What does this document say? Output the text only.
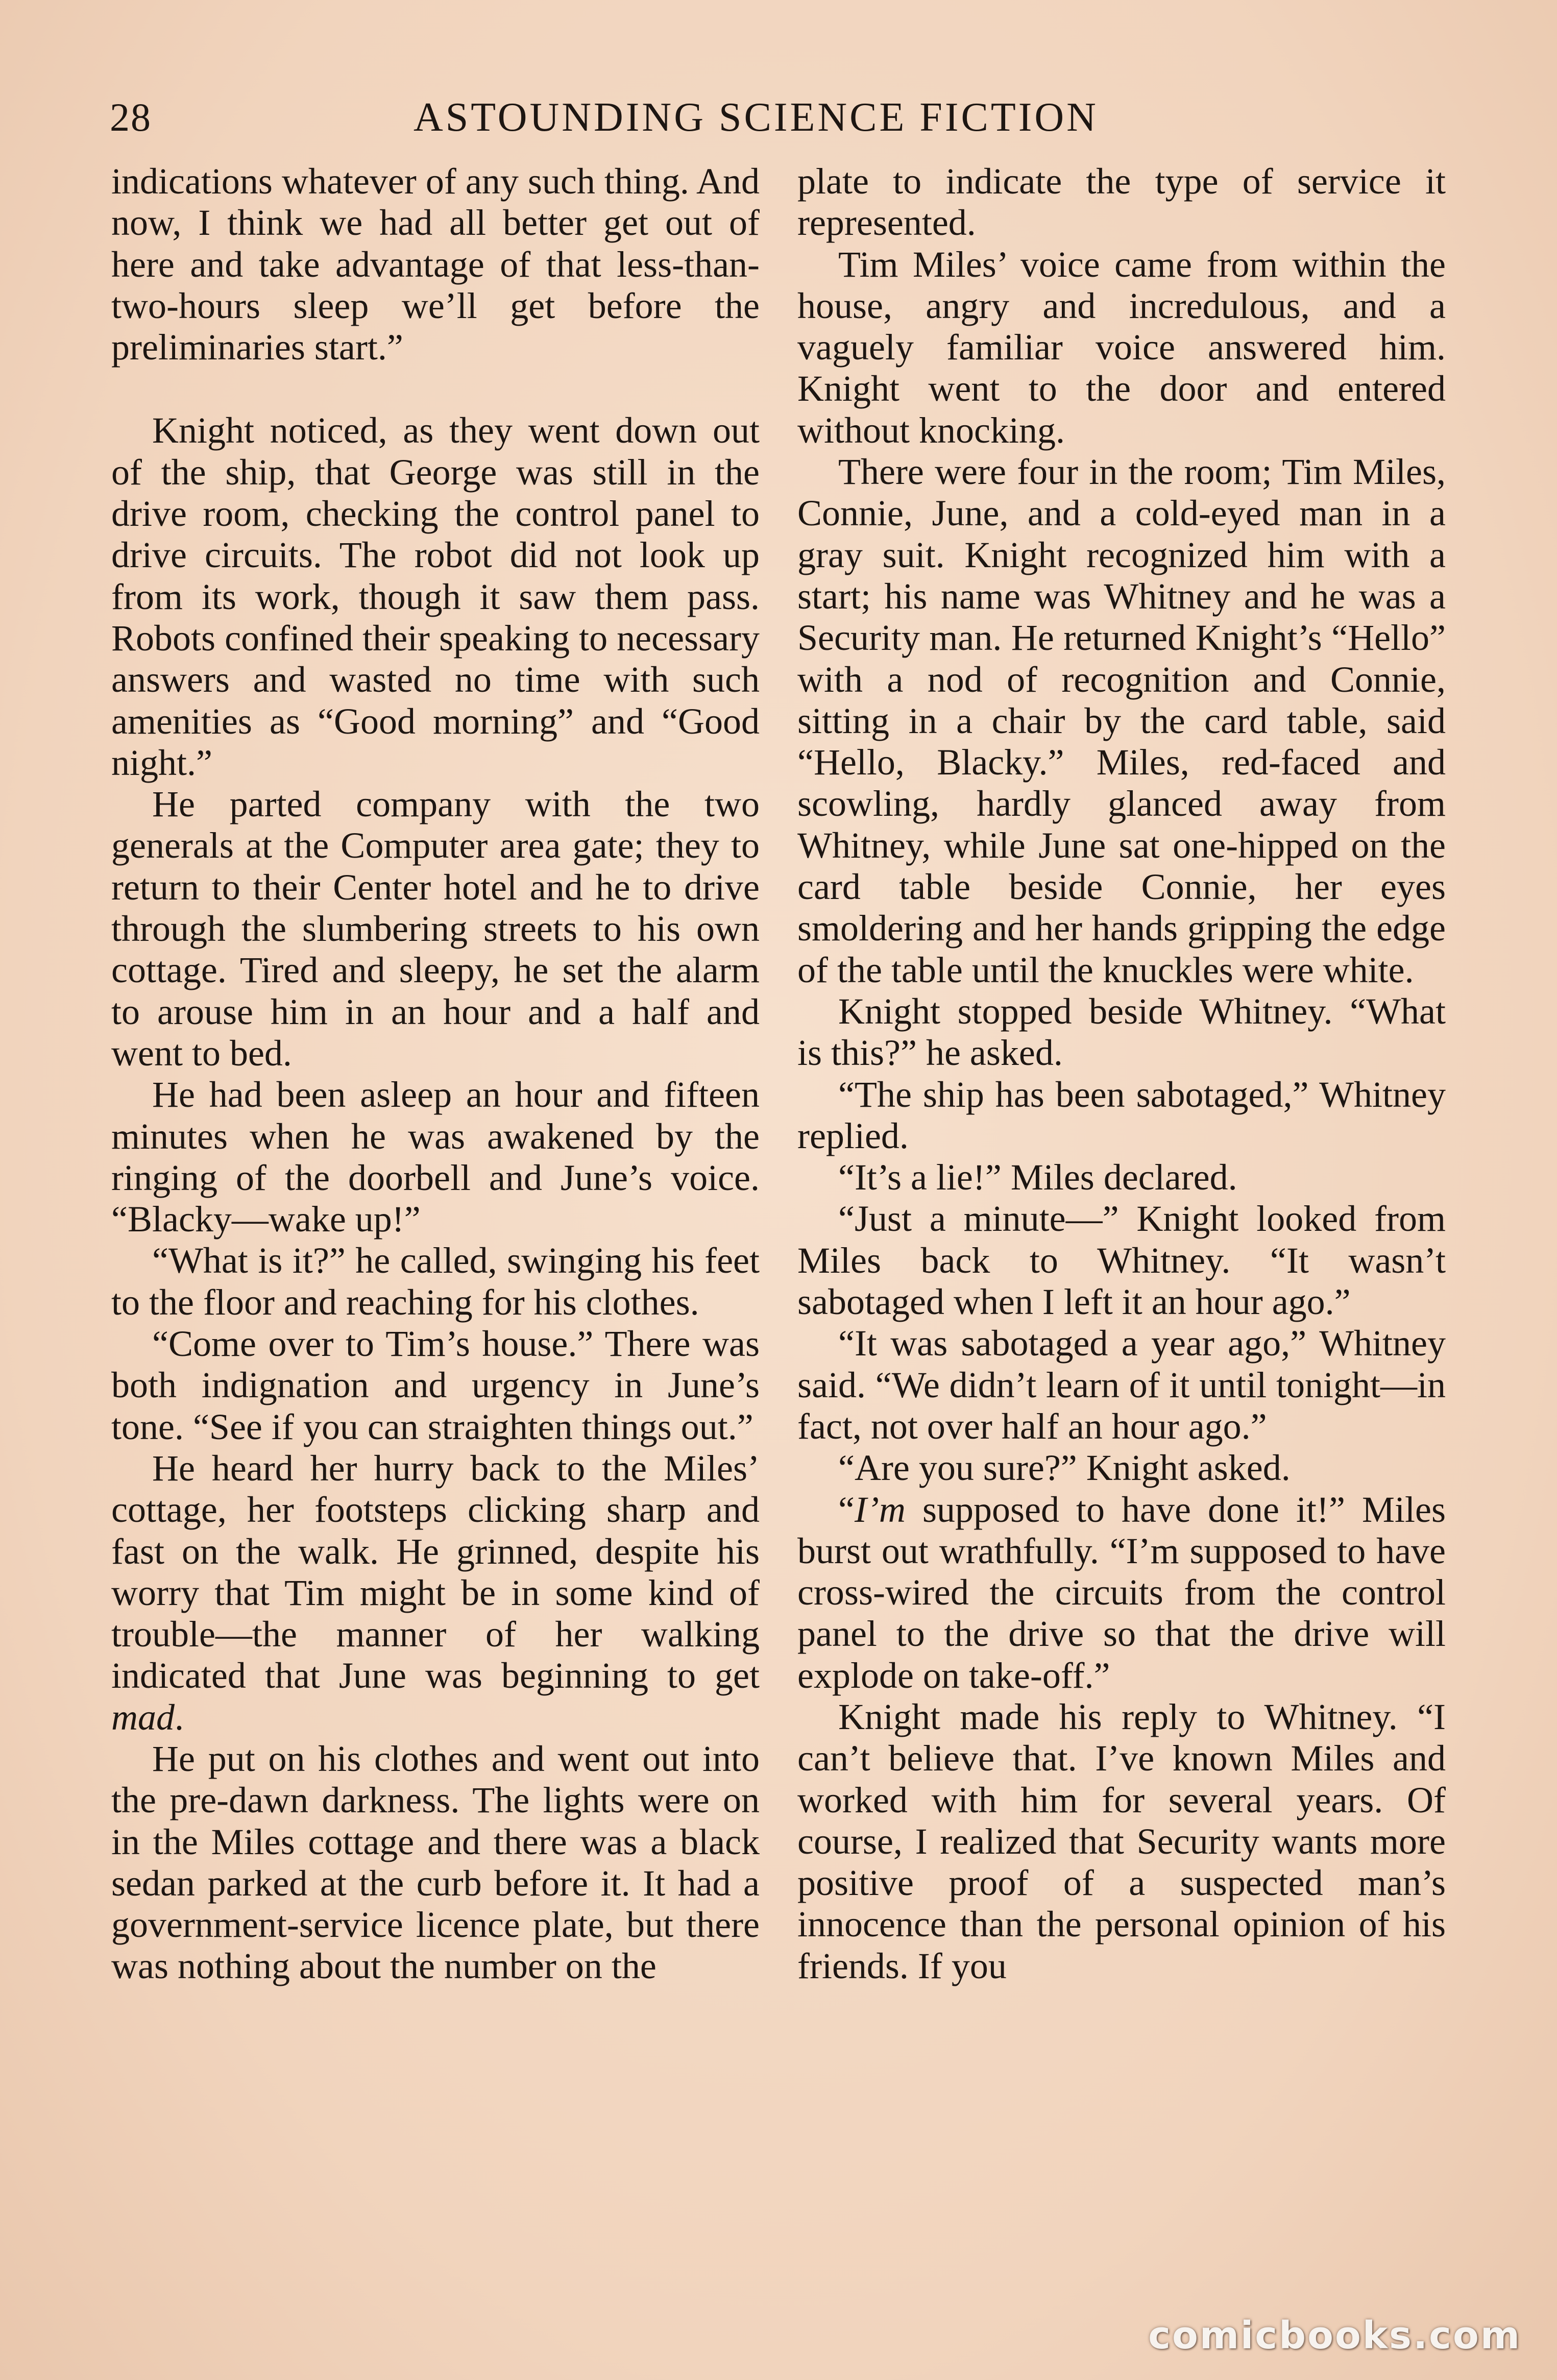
28	ASTOUNDING SCIENCE FICTION

indications whatever of any such thing. And now, I think we had all better get out of here and take advantage of that less-than-two-hours sleep we’ll get before the preliminaries start.”

Knight noticed, as they went down out of the ship, that George was still in the drive room, checking the control panel to drive circuits. The robot did not look up from its work, though it saw them pass. Robots confined their speaking to necessary answers and wasted no time with such amenities as “Good morning” and “Good night.”

He parted company with the two generals at the Computer area gate; they to return to their Center hotel and he to drive through the slumbering streets to his own cottage. Tired and sleepy, he set the alarm to arouse him in an hour and a half and went to bed.

He had been asleep an hour and fifteen minutes when he was awakened by the ringing of the doorbell and June’s voice. “Blacky—wake up!”

“What is it?” he called, swinging his feet to the floor and reaching for his clothes.

“Come over to Tim’s house.” There was both indignation and urgency in June’s tone. “See if you can straighten things out.”

He heard her hurry back to the Miles’ cottage, her footsteps clicking sharp and fast on the walk. He grinned, despite his worry that Tim might be in some kind of trouble—the manner of her walking indicated that June was beginning to get mad.

He put on his clothes and went out into the pre-dawn darkness. The lights were on in the Miles cottage and there was a black sedan parked at the curb before it. It had a government-service licence plate, but there was nothing about the number on the

plate to indicate the type of service it represented.

Tim Miles’ voice came from within the house, angry and incredulous, and a vaguely familiar voice answered him. Knight went to the door and entered without knocking.

There were four in the room; Tim Miles, Connie, June, and a cold-eyed man in a gray suit. Knight recognized him with a start; his name was Whitney and he was a Security man. He returned Knight’s “Hello” with a nod of recognition and Connie, sitting in a chair by the card table, said “Hello, Blacky.” Miles, red-faced and scowling, hardly glanced away from Whitney, while June sat one-hipped on the card table beside Connie, her eyes smoldering and her hands gripping the edge of the table until the knuckles were white.

Knight stopped beside Whitney. “What is this?” he asked.

“The ship has been sabotaged,” Whitney replied.

“It’s a lie!” Miles declared.

“Just a minute—” Knight looked from Miles back to Whitney. “It wasn’t sabotaged when I left it an hour ago.”

“It was sabotaged a year ago,” Whitney said. “We didn’t learn of it until tonight—in fact, not over half an hour ago.”

“Are you sure?” Knight asked.

“I’m supposed to have done it!” Miles burst out wrathfully. “I’m supposed to have cross-wired the circuits from the control panel to the drive so that the drive will explode on take-off.”

Knight made his reply to Whitney. “I can’t believe that. I’ve known Miles and worked with him for several years. Of course, I realized that Security wants more positive proof of a suspected man’s innocence than the personal opinion of his friends. If you

comicbooks.com
